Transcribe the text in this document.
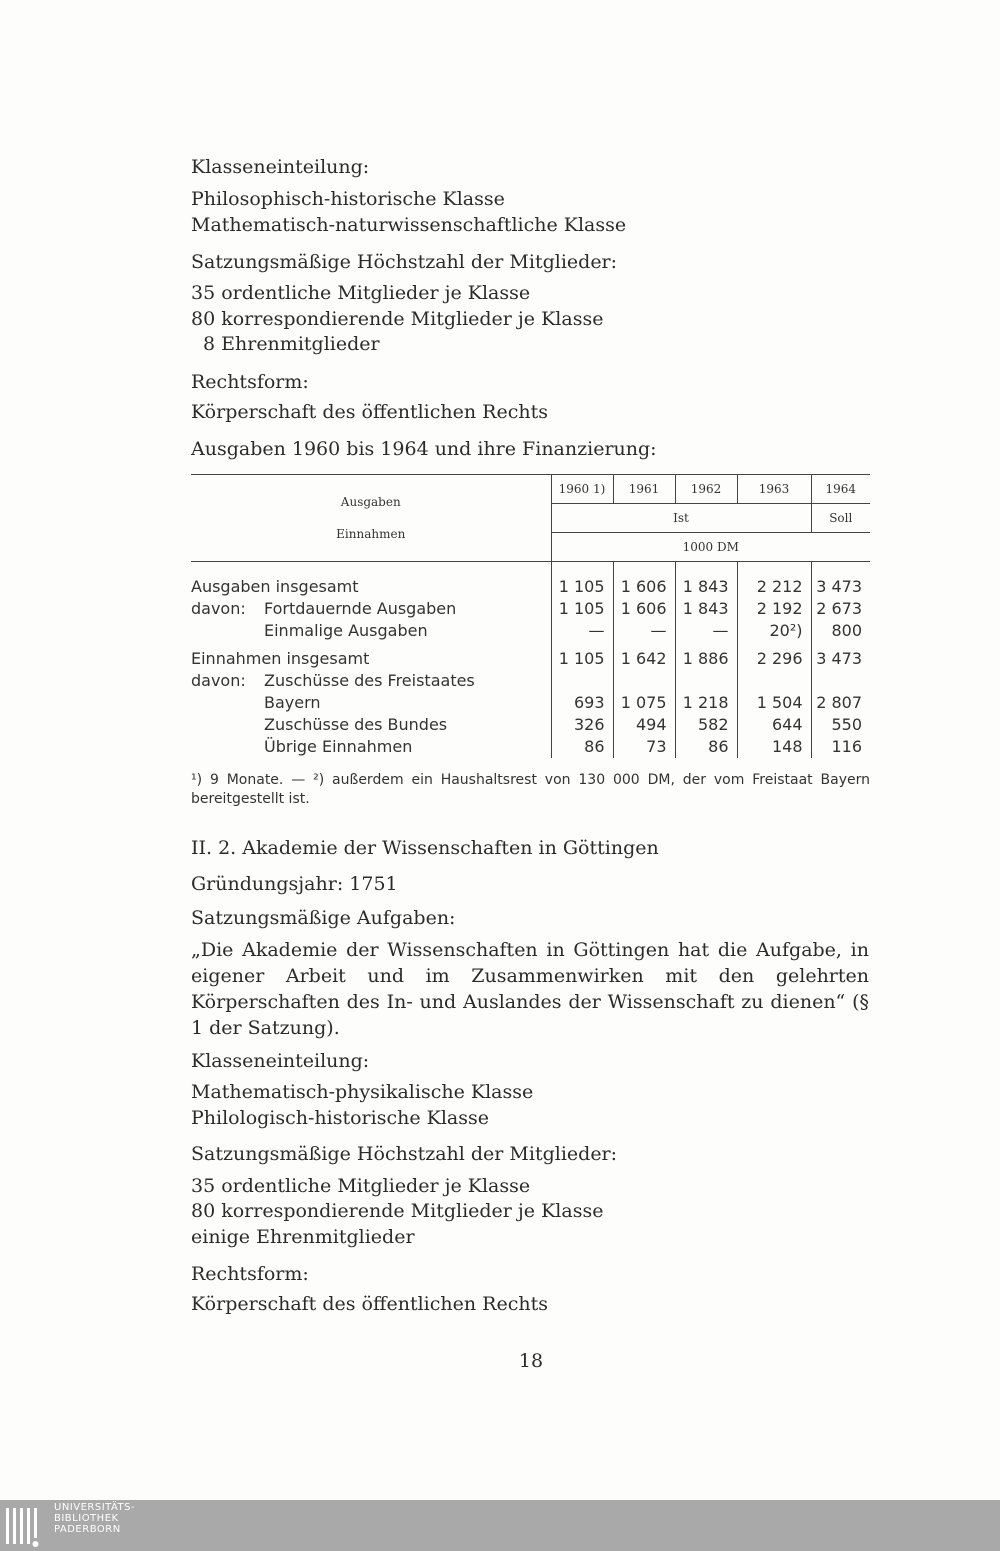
Klasseneinteilung:
Philosophisch-historische Klasse
Mathematisch-naturwissenschaftliche Klasse
Satzungsmäßige Höchstzahl der Mitglieder:
35 ordentliche Mitglieder je Klasse
80 korrespondierende Mitglieder je Klasse
8 Ehrenmitglieder
Rechtsform:
Körperschaft des öffentlichen Rechts
Ausgaben 1960 bis 1964 und ihre Finanzierung:
Ausgaben
Einnahmen	1960 1)	1961	1962	1963	1964
	Ist				Soll
	1000 DM				
Ausgaben insgesamt	1 105	1 606	1 843	2 212	3 473
davon: Fortdauernde Ausgaben	1 105	1 606	1 843	2 192	2 673
Einmalige Ausgaben	—	—	—	20²)	800
Einnahmen insgesamt	1 105	1 642	1 886	2 296	3 473
davon: Zuschüsse des Freistaates					
Bayern	693	1 075	1 218	1 504	2 807
Zuschüsse des Bundes	326	494	582	644	550
Übrige Einnahmen	86	73	86	148	116
¹) 9 Monate. — ²) außerdem ein Haushaltsrest von 130 000 DM, der vom Freistaat Bayern bereitgestellt ist.
II. 2. Akademie der Wissenschaften in Göttingen
Gründungsjahr: 1751
Satzungsmäßige Aufgaben:
„Die Akademie der Wissenschaften in Göttingen hat die Aufgabe, in eigener Arbeit und im Zusammenwirken mit den gelehrten Körperschaften des In- und Auslandes der Wissenschaft zu dienen“ (§ 1 der Satzung).
Klasseneinteilung:
Mathematisch-physikalische Klasse
Philologisch-historische Klasse
Satzungsmäßige Höchstzahl der Mitglieder:
35 ordentliche Mitglieder je Klasse
80 korrespondierende Mitglieder je Klasse
einige Ehrenmitglieder
Rechtsform:
Körperschaft des öffentlichen Rechts
18
UNIVERSITÄTS-
BIBLIOTHEK
PADERBORN
